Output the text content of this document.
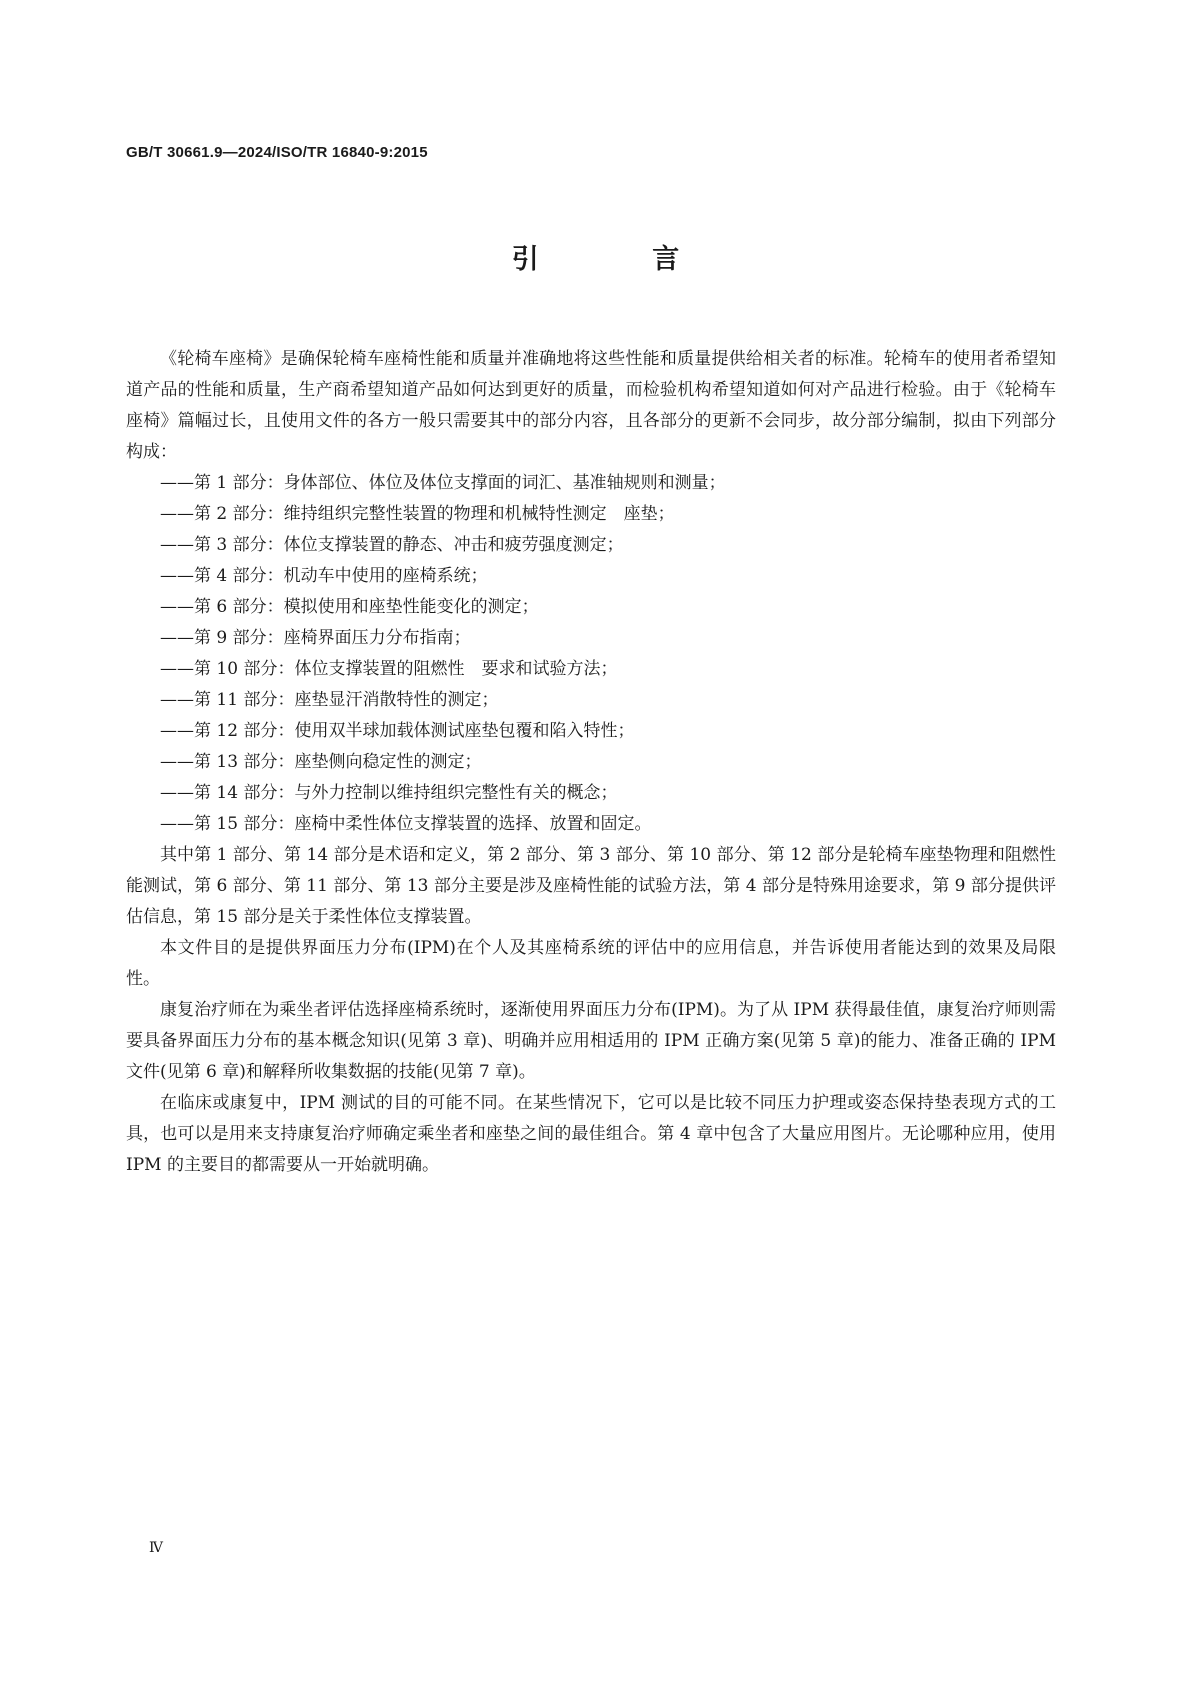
GB/T 30661.9—2024/ISO/TR 16840-9:2015
引 言

《轮椅车座椅》是确保轮椅车座椅性能和质量并准确地将这些性能和质量提供给相关者的标准。轮椅车的使用者希望知道产品的性能和质量，生产商希望知道产品如何达到更好的质量，而检验机构希望知道如何对产品进行检验。由于《轮椅车座椅》篇幅过长，且使用文件的各方一般只需要其中的部分内容，且各部分的更新不会同步，故分部分编制，拟由下列部分构成：

——第 1 部分：身体部位、体位及体位支撑面的词汇、基准轴规则和测量；
——第 2 部分：维持组织完整性装置的物理和机械特性测定　座垫；
——第 3 部分：体位支撑装置的静态、冲击和疲劳强度测定；
——第 4 部分：机动车中使用的座椅系统；
——第 6 部分：模拟使用和座垫性能变化的测定；
——第 9 部分：座椅界面压力分布指南；
——第 10 部分：体位支撑装置的阻燃性　要求和试验方法；
——第 11 部分：座垫显汗消散特性的测定；
——第 12 部分：使用双半球加载体测试座垫包覆和陷入特性；
——第 13 部分：座垫侧向稳定性的测定；
——第 14 部分：与外力控制以维持组织完整性有关的概念；
——第 15 部分：座椅中柔性体位支撑装置的选择、放置和固定。

其中第 1 部分、第 14 部分是术语和定义，第 2 部分、第 3 部分、第 10 部分、第 12 部分是轮椅车座垫物理和阻燃性能测试，第 6 部分、第 11 部分、第 13 部分主要是涉及座椅性能的试验方法，第 4 部分是特殊用途要求，第 9 部分提供评估信息，第 15 部分是关于柔性体位支撑装置。

本文件目的是提供界面压力分布(IPM)在个人及其座椅系统的评估中的应用信息，并告诉使用者能达到的效果及局限性。

康复治疗师在为乘坐者评估选择座椅系统时，逐渐使用界面压力分布(IPM)。为了从 IPM 获得最佳值，康复治疗师则需要具备界面压力分布的基本概念知识(见第 3 章)、明确并应用相适用的 IPM 正确方案(见第 5 章)的能力、准备正确的 IPM 文件(见第 6 章)和解释所收集数据的技能(见第 7 章)。

在临床或康复中，IPM 测试的目的可能不同。在某些情况下，它可以是比较不同压力护理或姿态保持垫表现方式的工具，也可以是用来支持康复治疗师确定乘坐者和座垫之间的最佳组合。第 4 章中包含了大量应用图片。无论哪种应用，使用 IPM 的主要目的都需要从一开始就明确。

Ⅳ
